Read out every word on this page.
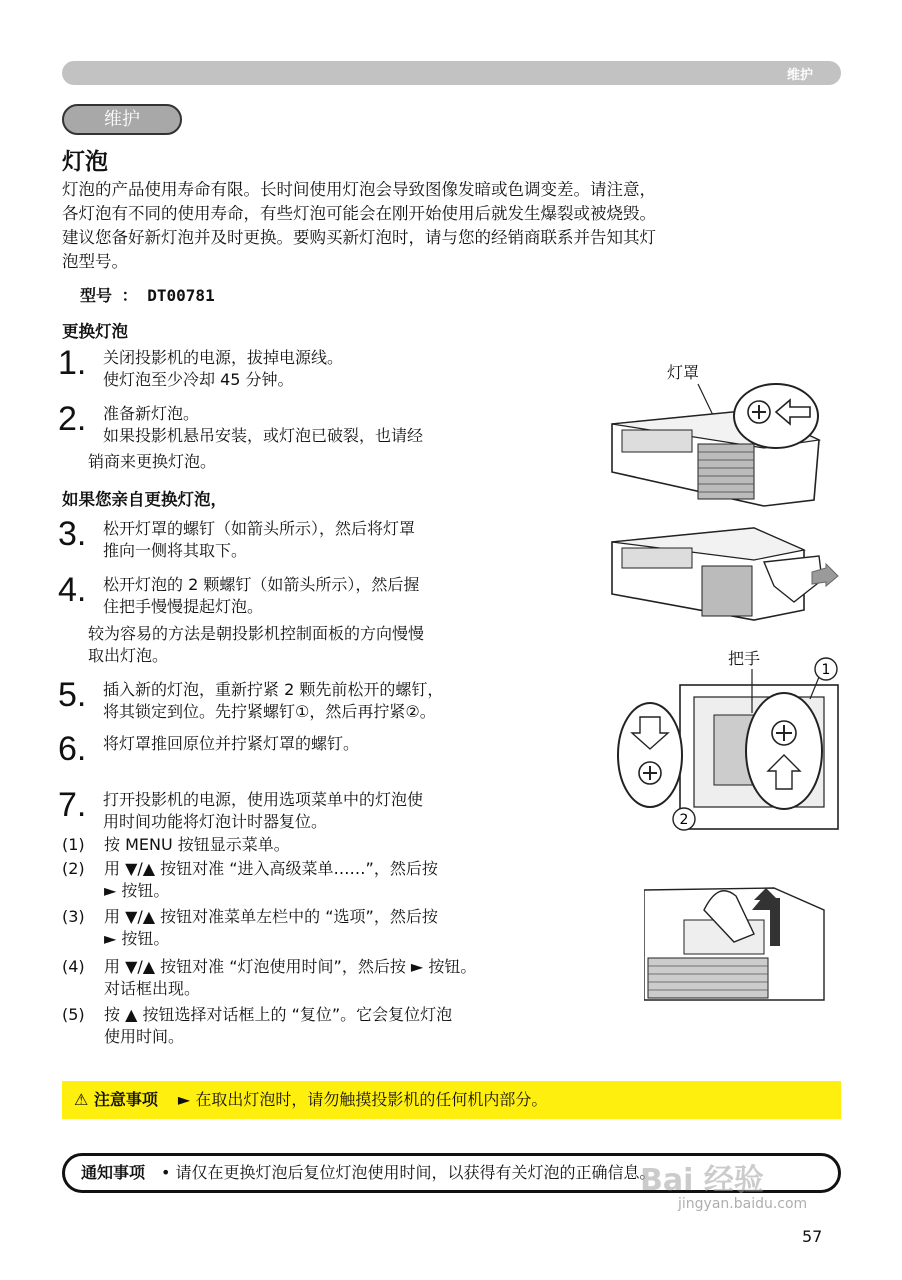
维护
维护
灯泡
灯泡的产品使用寿命有限。长时间使用灯泡会导致图像发暗或色调变差。请注意，
各灯泡有不同的使用寿命，有些灯泡可能会在刚开始使用后就发生爆裂或被烧毁。
建议您备好新灯泡并及时更换。要购买新灯泡时，请与您的经销商联系并告知其灯
泡型号。
型号 ： DT00781
更换灯泡
1. 关闭投影机的电源，拔掉电源线。
使灯泡至少冷却 45 分钟。
2. 准备新灯泡。
如果投影机悬吊安装，或灯泡已破裂，也请经
销商来更换灯泡。
如果您亲自更换灯泡，
3. 松开灯罩的螺钉（如箭头所示），然后将灯罩
推向一侧将其取下。
4. 松开灯泡的 2 颗螺钉（如箭头所示），然后握
住把手慢慢提起灯泡。
较为容易的方法是朝投影机控制面板的方向慢慢
取出灯泡。
5. 插入新的灯泡，重新拧紧 2 颗先前松开的螺钉，
将其锁定到位。先拧紧螺钉①，然后再拧紧②。
6. 将灯罩推回原位并拧紧灯罩的螺钉。
7. 打开投影机的电源，使用选项菜单中的灯泡使
用时间功能将灯泡计时器复位。
(1) 按 MENU 按钮显示菜单。
(2) 用 ▼/▲ 按钮对准 “进入高级菜单……”，然后按
► 按钮。
(3) 用 ▼/▲ 按钮对准菜单左栏中的 “选项”，然后按
► 按钮。
(4) 用 ▼/▲ 按钮对准 “灯泡使用时间”，然后按 ► 按钮。
对话框出现。
(5) 按 ▲ 按钮选择对话框上的 “复位”。它会复位灯泡
使用时间。
灯罩
把手
1
2
⚠ 注意事项 ► 在取出灯泡时，请勿触摸投影机的任何机内部分。
通知事项 • 请仅在更换灯泡后复位灯泡使用时间，以获得有关灯泡的正确信息。
Bai 经验
jingyan.baidu.com
57
